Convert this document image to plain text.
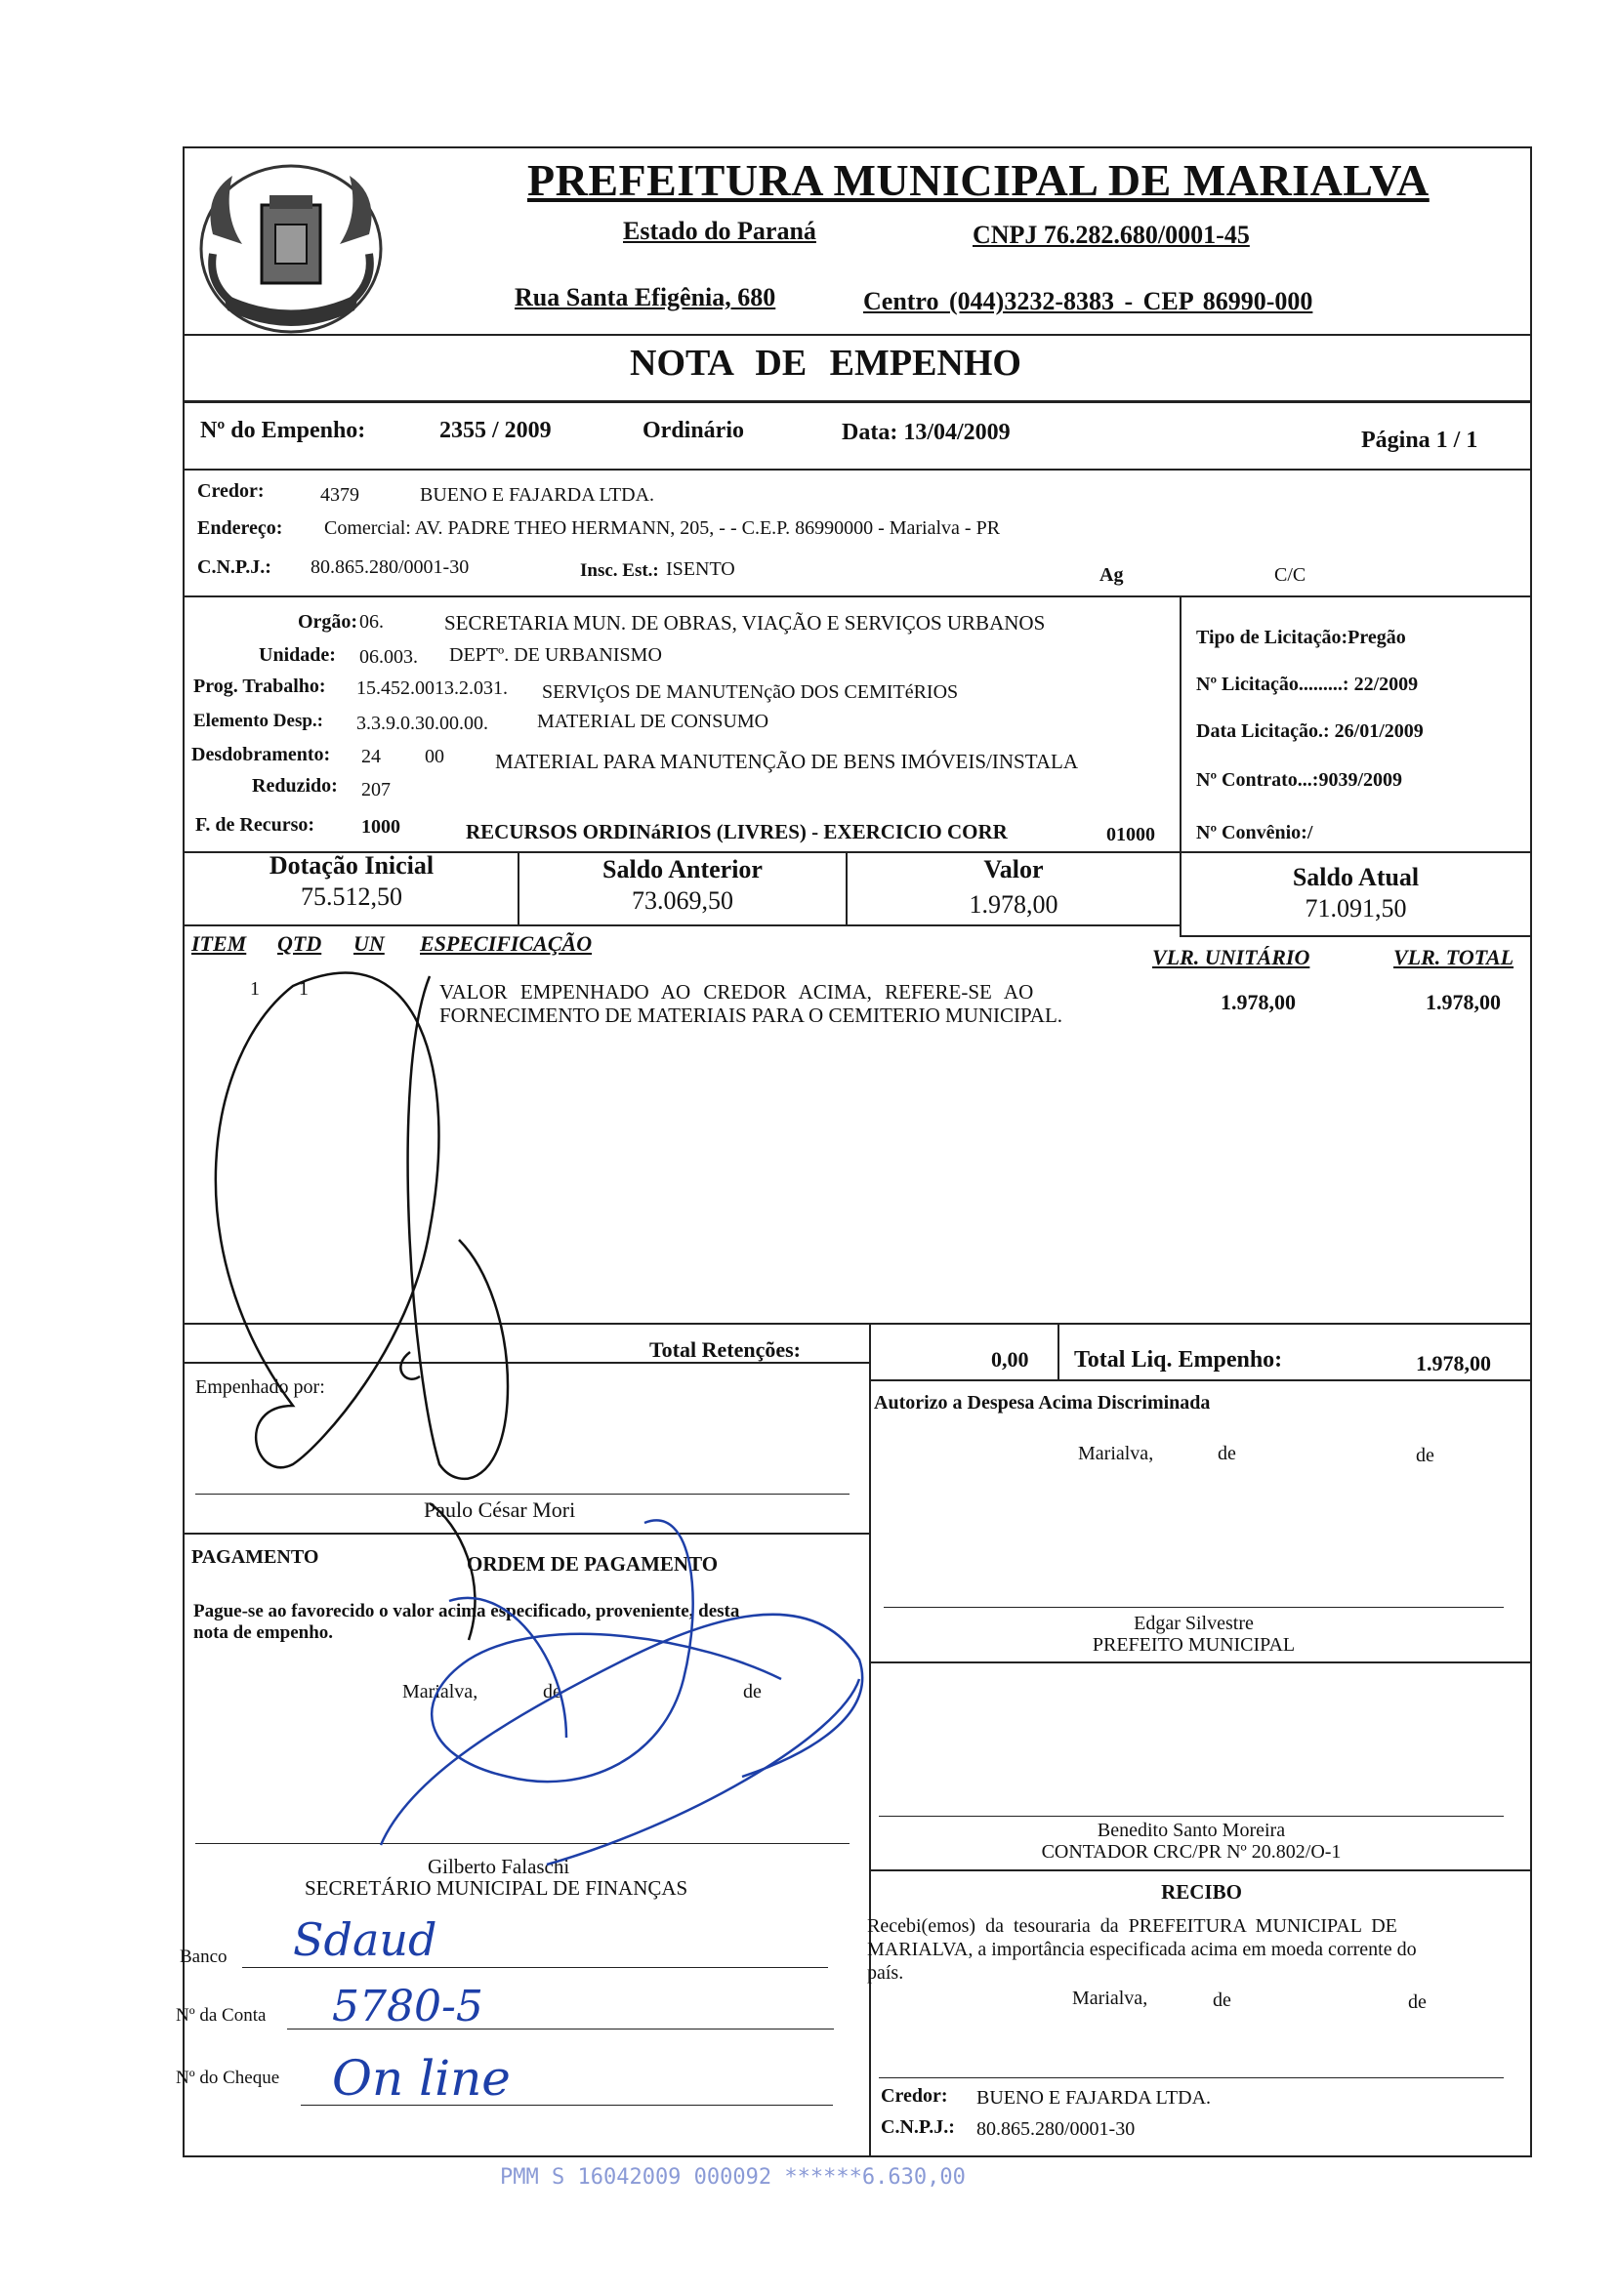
PREFEITURA MUNICIPAL DE MARIALVA
Estado do Paraná	CNPJ 76.282.680/0001-45
Rua Santa Efigênia, 680	Centro (044)3232-8383 - CEP 86990-000
NOTA DE EMPENHO
Nº do Empenho:	2355 / 2009	Ordinário	Data: 13/04/2009	Página 1 / 1
Credor:	4379	BUENO E FAJARDA LTDA.
Endereço: Comercial: AV. PADRE THEO HERMANN, 205, - - C.E.P. 86990000 - Marialva - PR
C.N.P.J.: 80.865.280/0001-30	Insc. Est.: ISENTO	Ag	C/C
Orgão: 06.	SECRETARIA MUN. DE OBRAS, VIAÇÃO E SERVIÇOS URBANOS
Unidade: 06.003. DEPTº. DE URBANISMO
Prog. Trabalho: 15.452.0013.2.031. SERVIçOS DE MANUTENçãO DOS CEMITéRIOS
Elemento Desp.: 3.3.9.0.30.00.00.	MATERIAL DE CONSUMO
Desdobramento: 24 00 MATERIAL PARA MANUTENÇÃO DE BENS IMÓVEIS/INSTALA
Reduzido: 207
F. de Recurso: 1000	RECURSOS ORDINáRIOS (LIVRES) - EXERCICIO CORR	01000
Tipo de Licitação:Pregão
Nº Licitação.........: 22/2009
Data Licitação.: 26/01/2009
Nº Contrato...:9039/2009
Nº Convênio:/
Dotação Inicial
75.512,50
Saldo Anterior
73.069,50
Valor
1.978,00
Saldo Atual
71.091,50
ITEM QTD UN ESPECIFICAÇÃO
VLR. UNITÁRIO	VLR. TOTAL
1 1	VALOR EMPENHADO AO CREDOR ACIMA, REFERE-SE AO
FORNECIMENTO DE MATERIAIS PARA O CEMITERIO MUNICIPAL.
1.978,00	1.978,00
Total Retenções:	0,00 Total Liq. Empenho:	1.978,00
Empenhado por:
Paulo César Mori
Autorizo a Despesa Acima Discriminada
Marialva,	de	de
Edgar Silvestre
PREFEITO MUNICIPAL
PAGAMENTO	ORDEM DE PAGAMENTO
Pague-se ao favorecido o valor acima especificado, proveniente, desta
nota de empenho.
Marialva,	de	de
Gilberto Falaschi
SECRETÁRIO MUNICIPAL DE FINANÇAS
Banco Sdaud
Nº da Conta 5780-5
Nº do Cheque On line
Benedito Santo Moreira
CONTADOR CRC/PR Nº 20.802/O-1
RECIBO
Recebi(emos) da tesouraria da PREFEITURA MUNICIPAL DE
MARIALVA, a importância especificada acima em moeda corrente do
país.
Marialva,	de	de
Credor: BUENO E FAJARDA LTDA.
C.N.P.J.: 80.865.280/0001-30
PMM S 16042009 000092 ******6.630,00
